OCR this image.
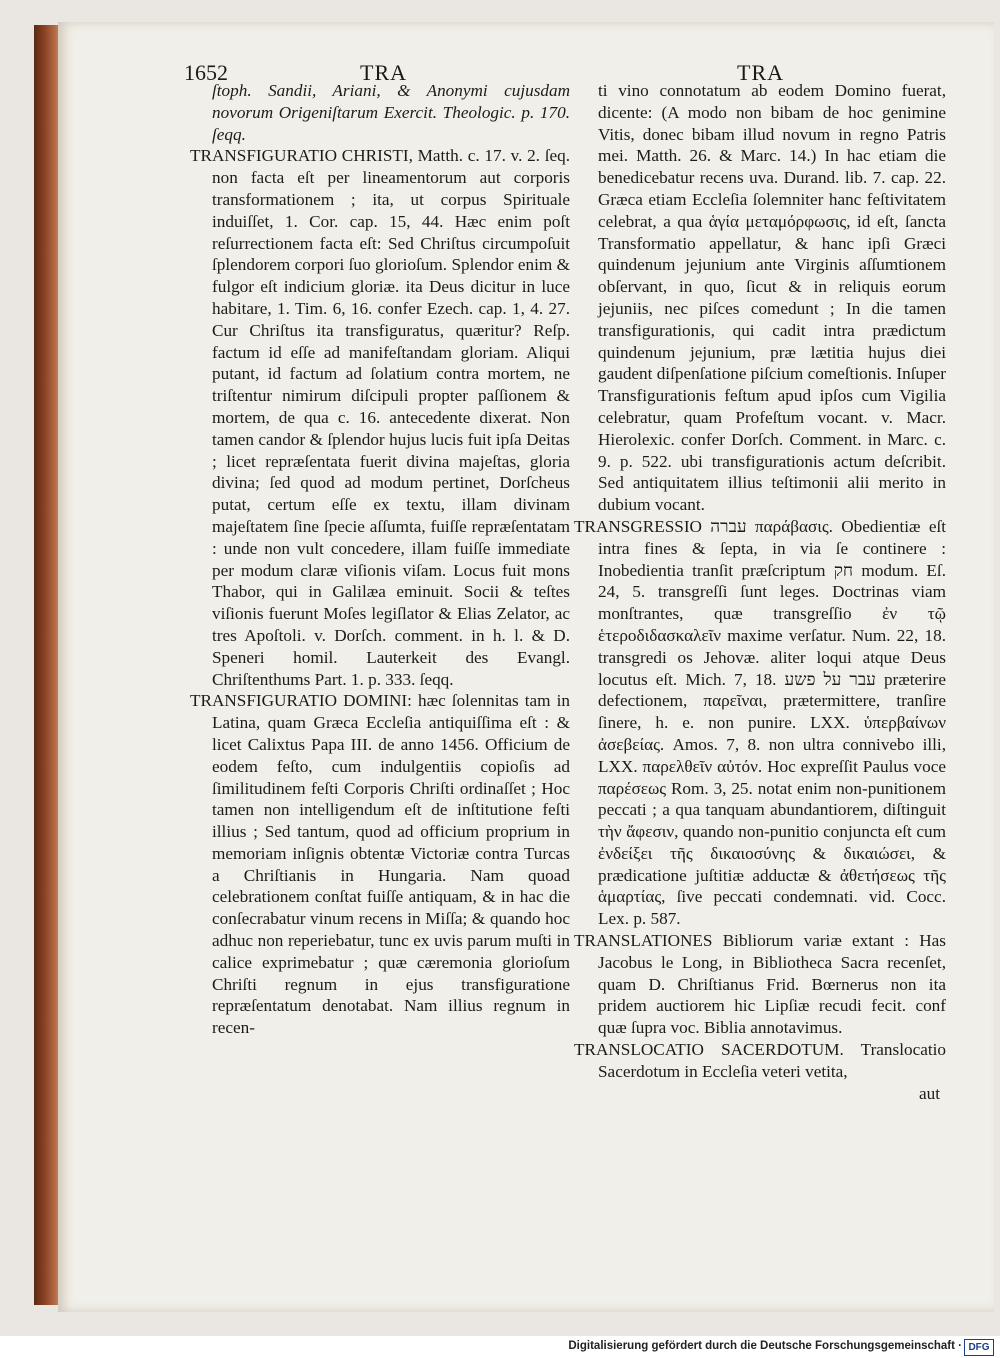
1652	TRA	TRA

ſtoph. Sandii, Ariani, & Anonymi cujusdam novorum Origeniſtarum Exercit. Theologic. p. 170. ſeqq.

TRANSFIGURATIO CHRISTI, Matth. c. 17. v. 2. ſeq. non facta eſt per lineamentorum aut corporis transformationem ; ita, ut corpus Spirituale induiſſet, 1. Cor. cap. 15, 44. Hæc enim poſt reſurrectionem facta eſt: Sed Chriſtus circumpoſuit ſplendorem corpori ſuo glorioſum. Splendor enim & fulgor eſt indicium gloriæ. ita Deus dicitur in luce habitare, 1. Tim. 6, 16. confer Ezech. cap. 1, 4. 27. Cur Chriſtus ita transfiguratus, quæritur? Reſp. factum id eſſe ad manifeſtandam gloriam. Aliqui putant, id factum ad ſolatium contra mortem, ne triſtentur nimirum diſcipuli propter paſſionem & mortem, de qua c. 16. antecedente dixerat. Non tamen candor & ſplendor hujus lucis fuit ipſa Deitas ; licet repræſentata fuerit divina majeſtas, gloria divina; ſed quod ad modum pertinet, Dorſcheus putat, certum eſſe ex textu, illam divinam majeſtatem ſine ſpecie aſſumta, fuiſſe repræſentatam : unde non vult concedere, illam fuiſſe immediate per modum claræ viſionis viſam. Locus fuit mons Thabor, qui in Galilæa eminuit. Socii & teſtes viſionis fuerunt Moſes legiſlator & Elias Zelator, ac tres Apoſtoli. v. Dorſch. comment. in h. l. & D. Speneri homil. Lauterkeit des Evangl. Chriſtenthums Part. 1. p. 333. ſeqq.

TRANSFIGURATIO DOMINI: hæc ſolennitas tam in Latina, quam Græca Eccleſia antiquiſſima eſt : & licet Calixtus Papa III. de anno 1456. Officium de eodem feſto, cum indulgentiis copioſis ad ſimilitudinem feſti Corporis Chriſti ordinaſſet ; Hoc tamen non intelligendum eſt de inſtitutione feſti illius ; Sed tantum, quod ad officium proprium in memoriam inſignis obtentæ Victoriæ contra Turcas a Chriſtianis in Hungaria. Nam quoad celebrationem conſtat fuiſſe antiquam, & in hac die conſecrabatur vinum recens in Miſſa; & quando hoc adhuc non reperiebatur, tunc ex uvis parum muſti in calice exprimebatur ; quæ cæremonia glorioſum Chriſti regnum in ejus transfiguratione repræſentatum denotabat. Nam illius regnum in recen-

ti vino connotatum ab eodem Domino fuerat, dicente: (A modo non bibam de hoc genimine Vitis, donec bibam illud novum in regno Patris mei. Matth. 26. & Marc. 14.) In hac etiam die benedicebatur recens uva. Durand. lib. 7. cap. 22. Græca etiam Eccleſia ſolemniter hanc feſtivitatem celebrat, a qua ἁγία μεταμόρφωσις, id eſt, ſancta Transformatio appellatur, & hanc ipſi Græci quindenum jejunium ante Virginis aſſumtionem obſervant, in quo, ſicut & in reliquis eorum jejuniis, nec piſces comedunt ; In die tamen transfigurationis, qui cadit intra prædictum quindenum jejunium, præ lætitia hujus diei gaudent diſpenſatione piſcium comeſtionis. Inſuper Transfigurationis feſtum apud ipſos cum Vigilia celebratur, quam Profeſtum vocant. v. Macr. Hierolexic. confer Dorſch. Comment. in Marc. c. 9. p. 522. ubi transfigurationis actum deſcribit. Sed antiquitatem illius teſtimonii alii merito in dubium vocant.

TRANSGRESSIO עברה παράβασις. Obedientiæ eſt intra fines & ſepta, in via ſe continere : Inobedientia tranſit præſcriptum חק modum. Eſ. 24, 5. transgreſſi ſunt leges. Doctrinas viam monſtrantes, quæ transgreſſio ἐν τῷ ἑτεροδιδασκαλεῖν maxime verſatur. Num. 22, 18. transgredi os Jehovæ. aliter loqui atque Deus locutus eſt. Mich. 7, 18. עבר על פשע præterire defectionem, παρεῖναι, prætermittere, tranſire ſinere, h. e. non punire. LXX. ὑπερβαίνων ἀσεβείας. Amos. 7, 8. non ultra connivebo illi, LXX. παρελθεῖν αὐτόν. Hoc expreſſit Paulus voce παρέσεως Rom. 3, 25. notat enim non-punitionem peccati ; a qua tanquam abundantiorem, diſtinguit τὴν ἄφεσιν, quando non-punitio conjuncta eſt cum ἐνδείξει τῆς δικαιοσύνης & δικαιώσει, & prædicatione juſtitiæ adductæ & ἀθετήσεως τῆς ἁμαρτίας, ſive peccati condemnati. vid. Cocc. Lex. p. 587.

TRANSLATIONES Bibliorum variæ extant : Has Jacobus le Long, in Bibliotheca Sacra recenſet, quam D. Chriſtianus Frid. Bœrnerus non ita pridem auctiorem hic Lipſiæ recudi fecit. conf quæ ſupra voc. Biblia annotavimus.

TRANSLOCATIO SACERDOTUM. Translocatio Sacerdotum in Eccleſia veteri vetita,

aut

Digitalisierung gefördert durch die Deutsche Forschungsgemeinschaft · DFG
